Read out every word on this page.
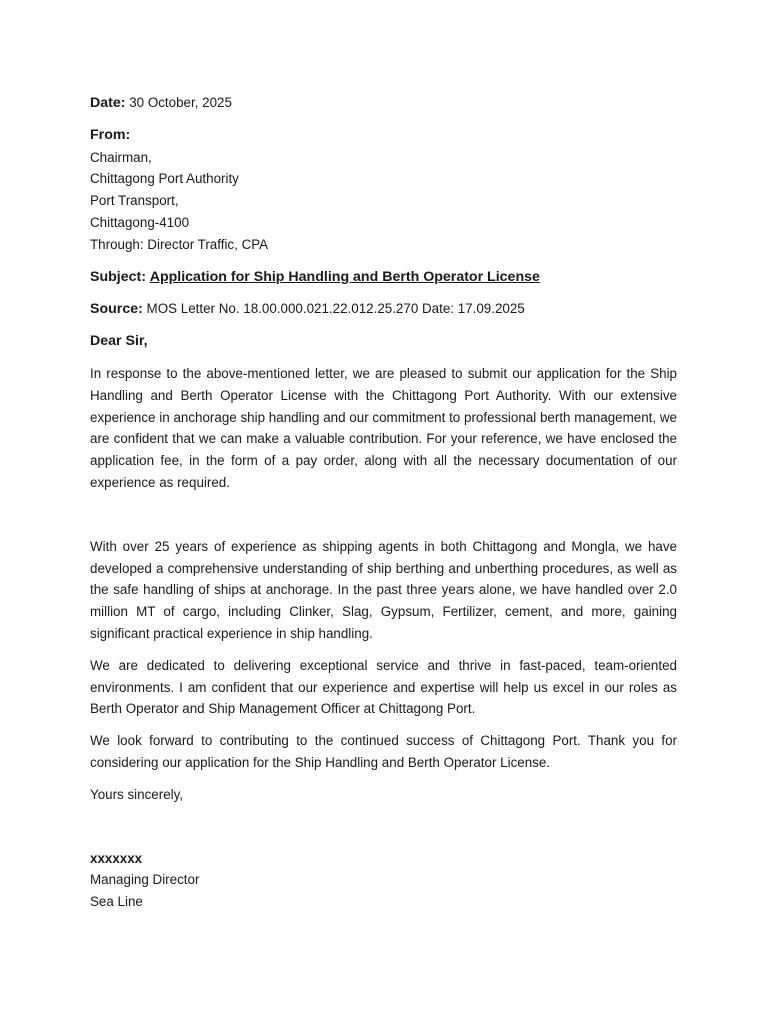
Date: 30 October, 2025
From:
Chairman,
Chittagong Port Authority
Port Transport,
Chittagong-4100
Through: Director Traffic, CPA
Subject: Application for Ship Handling and Berth Operator License
Source: MOS Letter No. 18.00.000.021.22.012.25.270 Date: 17.09.2025
Dear Sir,
In response to the above-mentioned letter, we are pleased to submit our application for the Ship Handling and Berth Operator License with the Chittagong Port Authority. With our extensive experience in anchorage ship handling and our commitment to professional berth management, we are confident that we can make a valuable contribution. For your reference, we have enclosed the application fee, in the form of a pay order, along with all the necessary documentation of our experience as required.
With over 25 years of experience as shipping agents in both Chittagong and Mongla, we have developed a comprehensive understanding of ship berthing and unberthing procedures, as well as the safe handling of ships at anchorage. In the past three years alone, we have handled over 2.0 million MT of cargo, including Clinker, Slag, Gypsum, Fertilizer, cement, and more, gaining significant practical experience in ship handling.
We are dedicated to delivering exceptional service and thrive in fast-paced, team-oriented environments. I am confident that our experience and expertise will help us excel in our roles as Berth Operator and Ship Management Officer at Chittagong Port.
We look forward to contributing to the continued success of Chittagong Port. Thank you for considering our application for the Ship Handling and Berth Operator License.
Yours sincerely,
xxxxxxx
Managing Director
Sea Line
